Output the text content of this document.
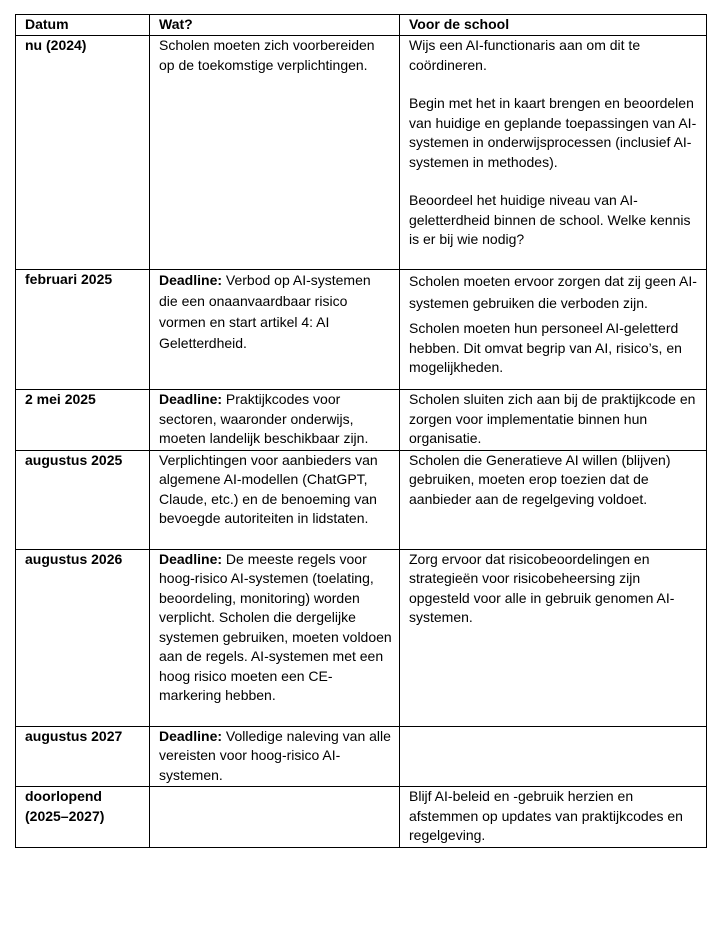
Datum	Wat?	Voor de school
nu (2024)	Scholen moeten zich voorbereiden op de toekomstige verplichtingen.	Wijs een AI-functionaris aan om dit te coördineren.

Begin met het in kaart brengen en beoordelen van huidige en geplande toepassingen van AI-systemen in onderwijsprocessen (inclusief AI-systemen in methodes).

Beoordeel het huidige niveau van AI-geletterdheid binnen de school. Welke kennis is er bij wie nodig?

februari 2025	Deadline: Verbod op AI-systemen die een onaanvaardbaar risico vormen en start artikel 4: AI Geletterdheid.	Scholen moeten ervoor zorgen dat zij geen AI-systemen gebruiken die verboden zijn.

Scholen moeten hun personeel AI-geletterd hebben. Dit omvat begrip van AI, risico’s, en mogelijkheden.

2 mei 2025	Deadline: Praktijkcodes voor sectoren, waaronder onderwijs, moeten landelijk beschikbaar zijn.	Scholen sluiten zich aan bij de praktijkcode en zorgen voor implementatie binnen hun organisatie.

augustus 2025	Verplichtingen voor aanbieders van algemene AI-modellen (ChatGPT, Claude, etc.) en de benoeming van bevoegde autoriteiten in lidstaten.	Scholen die Generatieve AI willen (blijven) gebruiken, moeten erop toezien dat de aanbieder aan de regelgeving voldoet.

augustus 2026	Deadline: De meeste regels voor hoog-risico AI-systemen (toelating, beoordeling, monitoring) worden verplicht. Scholen die dergelijke systemen gebruiken, moeten voldoen aan de regels. AI-systemen met een hoog risico moeten een CE-markering hebben.	Zorg ervoor dat risicobeoordelingen en strategieën voor risicobeheersing zijn opgesteld voor alle in gebruik genomen AI-systemen.

augustus 2027	Deadline: Volledige naleving van alle vereisten voor hoog-risico AI-systemen.	
doorlopend (2025–2027)		Blijf AI-beleid en -gebruik herzien en afstemmen op updates van praktijkcodes en regelgeving.
